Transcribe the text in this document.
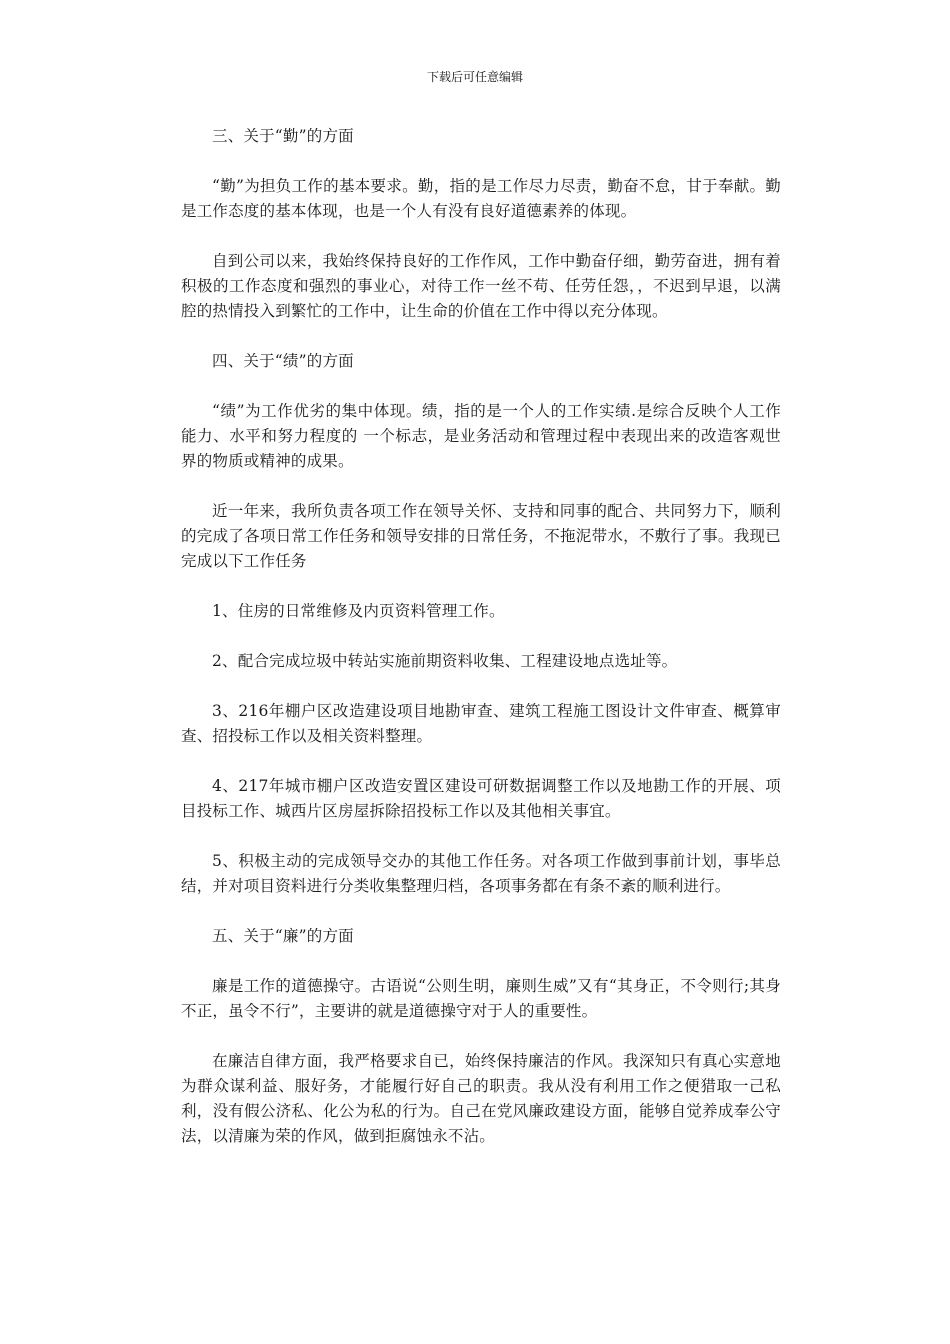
下载后可任意编辑

三、关于“勤”的方面

“勤”为担负工作的基本要求。勤，指的是工作尽力尽责，勤奋不怠，甘于奉献。勤是工作态度的基本体现，也是一个人有没有良好道德素养的体现。

自到公司以来，我始终保持良好的工作作风，工作中勤奋仔细，勤劳奋进，拥有着积极的工作态度和强烈的事业心，对待工作一丝不苟、任劳任怨，，不迟到早退，以满腔的热情投入到繁忙的工作中，让生命的价值在工作中得以充分体现。

四、关于“绩”的方面

“绩”为工作优劣的集中体现。绩，指的是一个人的工作实绩.是综合反映个人工作能力、水平和努力程度的 一个标志，是业务活动和管理过程中表现出来的改造客观世界的物质或精神的成果。

近一年来，我所负责各项工作在领导关怀、支持和同事的配合、共同努力下，顺利的完成了各项日常工作任务和领导安排的日常任务，不拖泥带水，不敷行了事。我现已完成以下工作任务

1、住房的日常维修及内页资料管理工作。

2、配合完成垃圾中转站实施前期资料收集、工程建设地点选址等。

3、216年棚户区改造建设项目地勘审查、建筑工程施工图设计文件审查、概算审查、招投标工作以及相关资料整理。

4、217年城市棚户区改造安置区建设可研数据调整工作以及地勘工作的开展、项目投标工作、城西片区房屋拆除招投标工作以及其他相关事宜。

5、积极主动的完成领导交办的其他工作任务。对各项工作做到事前计划，事毕总结，并对项目资料进行分类收集整理归档，各项事务都在有条不紊的顺利进行。

五、关于“廉”的方面

廉是工作的道德操守。古语说“公则生明，廉则生威”又有“其身正，不令则行;其身不正，虽令不行”，主要讲的就是道德操守对于人的重要性。

在廉洁自律方面，我严格要求自已，始终保持廉洁的作风。我深知只有真心实意地为群众谋利益、服好务，才能履行好自己的职责。我从没有利用工作之便猎取一己私利，没有假公济私、化公为私的行为。自己在党风廉政建设方面，能够自觉养成奉公守法，以清廉为荣的作风，做到拒腐蚀永不沾。
